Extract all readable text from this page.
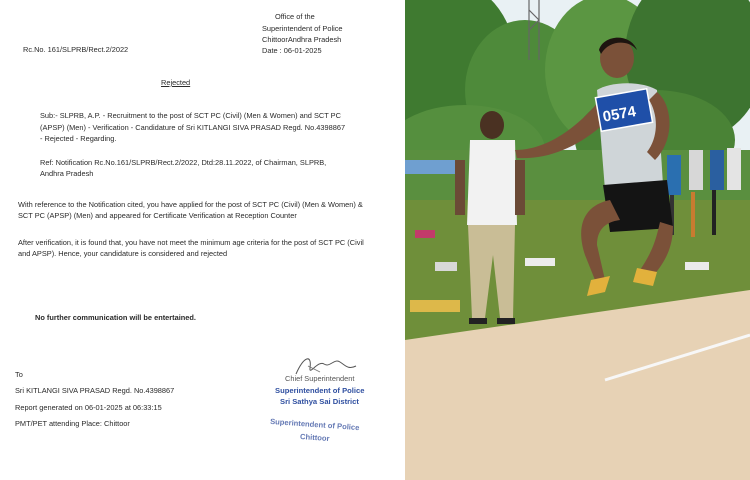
Office of the
Superintendent of Police
ChittoorAndhra Pradesh
Date : 06-01-2025
Rc.No. 161/SLPRB/Rect.2/2022
Rejected
Sub:- SLPRB, A.P. - Recruitment to the post of SCT PC (Civil) (Men & Women) and SCT PC
(APSP) (Men) - Verification - Candidature of Sri KITLANGI SIVA PRASAD Regd. No.4398867
- Rejected - Regarding.
Ref: Notification Rc.No.161/SLPRB/Rect.2/2022, Dtd:28.11.2022, of Chairman, SLPRB,
Andhra Pradesh
With reference to the Notification cited, you have applied for the post of SCT PC (Civil) (Men & Women) &
SCT PC (APSP) (Men) and appeared for Certificate Verification at Reception Counter
After verification, it is found that, you have not meet the minimum age criteria for the post of SCT PC (Civil
and APSP). Hence, your candidature is considered and rejected
No further communication will be entertained.
To
Sri KITLANGI SIVA PRASAD Regd. No.4398867
Report generated on 06-01-2025 at 06:33:15
PMT/PET attending Place: Chittoor
Chief Superintendent
Superintendent of Police
Sri Sathya Sai District
Superintendent of Police
Chittoor
0574
